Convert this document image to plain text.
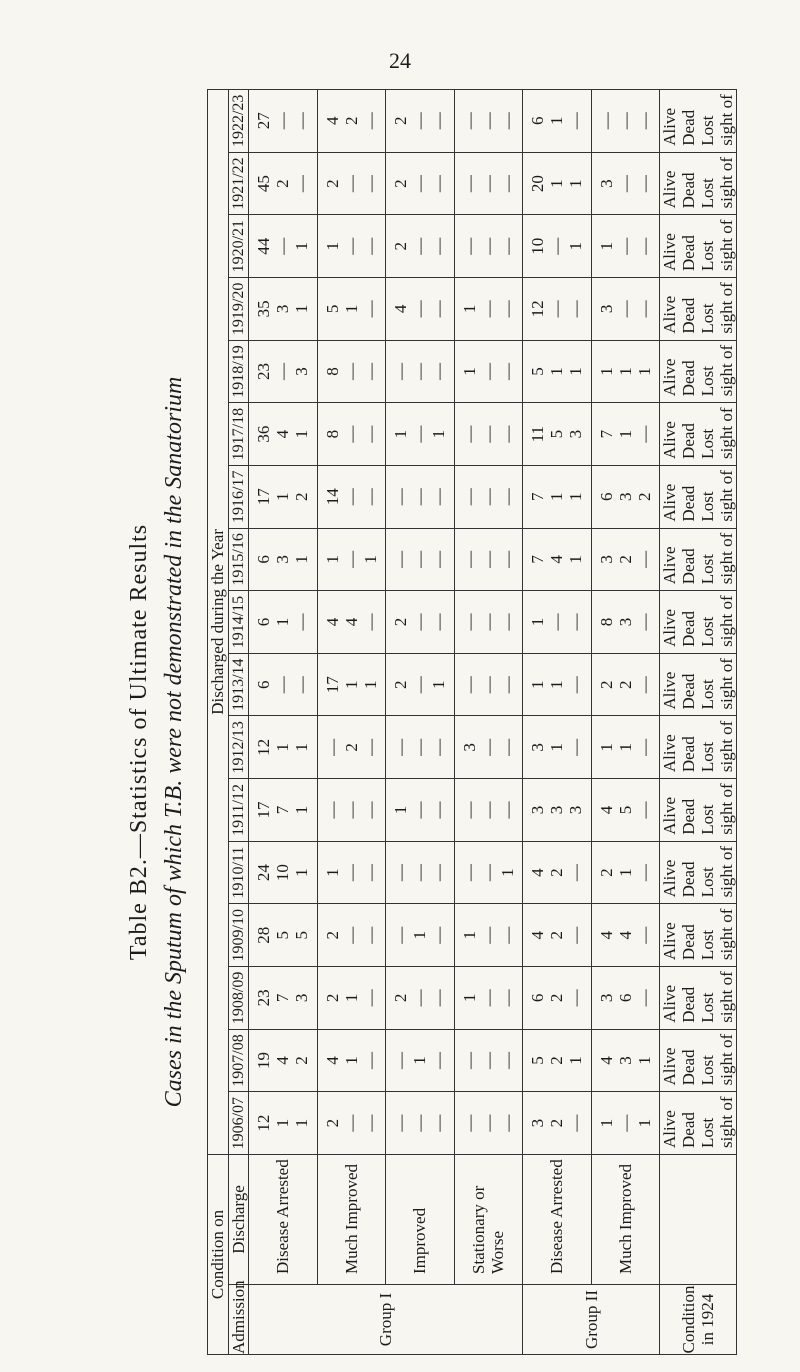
24
Table B2.—Statistics of Ultimate Results Cases in the Sputum of which T.B. were not demonstrated in the Sanatorium
Condition on		Discharged during the Year																
Admission	Discharge	1906/07	1907/08	1908/09	1909/10	1910/11	1911/12	1912/13	1913/14	1914/15	1915/16	1916/17	1917/18	1918/19	1919/20	1920/21	1921/22	1922/23
Group I	Disease Arrested	12 1 1	19 4 2	23 7 3	28 5 5	24 10 1	17 7 1	12 1 1	6 — —	6 1 —	6 3 1	17 1 2	36 4 1	23 — 3	35 3 1	44 — 1	45 2 —	27 — —

	Much Improved	2 — —	4 1 —	2 1 —	2 — —	1 — —	— — —	— 2 —	17 1 1	4 4 —	1 — 1	14 — —	8 — —	8 — —	5 1 —	1 — —	2 — —	4 2 —

	Improved	— — —	— 1 —	2 — —	— 1 —	— — —	1 — —	— — —	2 — 1	2 — —	— — —	— — —	1 — 1	— — —	4 — —	2 — —	2 — —	2 — —

	Stationary or Worse	— — —	— — —	1 — —	1 — —	— — 1	— — —	3 — —	— — —	— — —	— — —	— — —	— — —	1 — —	1 — —	— — —	— — —	— — —

Group II	Disease Arrested	3 2 —	5 2 1	6 2 —	4 2 —	4 2 —	3 3 3	3 1 —	1 1 —	1 — —	7 4 1	7 1 1	11 5 3	5 1 1	12 — —	10 — 1	20 1 1	6 1 —

	Much Improved	1 — 1	4 3 1	3 6 —	4 4 —	2 1 —	4 5 —	1 1 —	2 2 —	8 3 —	3 2 —	6 3 2	7 1 —	1 1 1	3 — —	1 — —	3 — —	— — —

Condition in 1924		Alive Dead Lost sight of	Alive Dead Lost sight of	Alive Dead Lost sight of	Alive Dead Lost sight of	Alive Dead Lost sight of	Alive Dead Lost sight of	Alive Dead Lost sight of	Alive Dead Lost sight of	Alive Dead Lost sight of	Alive Dead Lost sight of	Alive Dead Lost sight of	Alive Dead Lost sight of	Alive Dead Lost sight of	Alive Dead Lost sight of	Alive Dead Lost sight of	Alive Dead Lost sight of	Alive Dead Lost sight of
